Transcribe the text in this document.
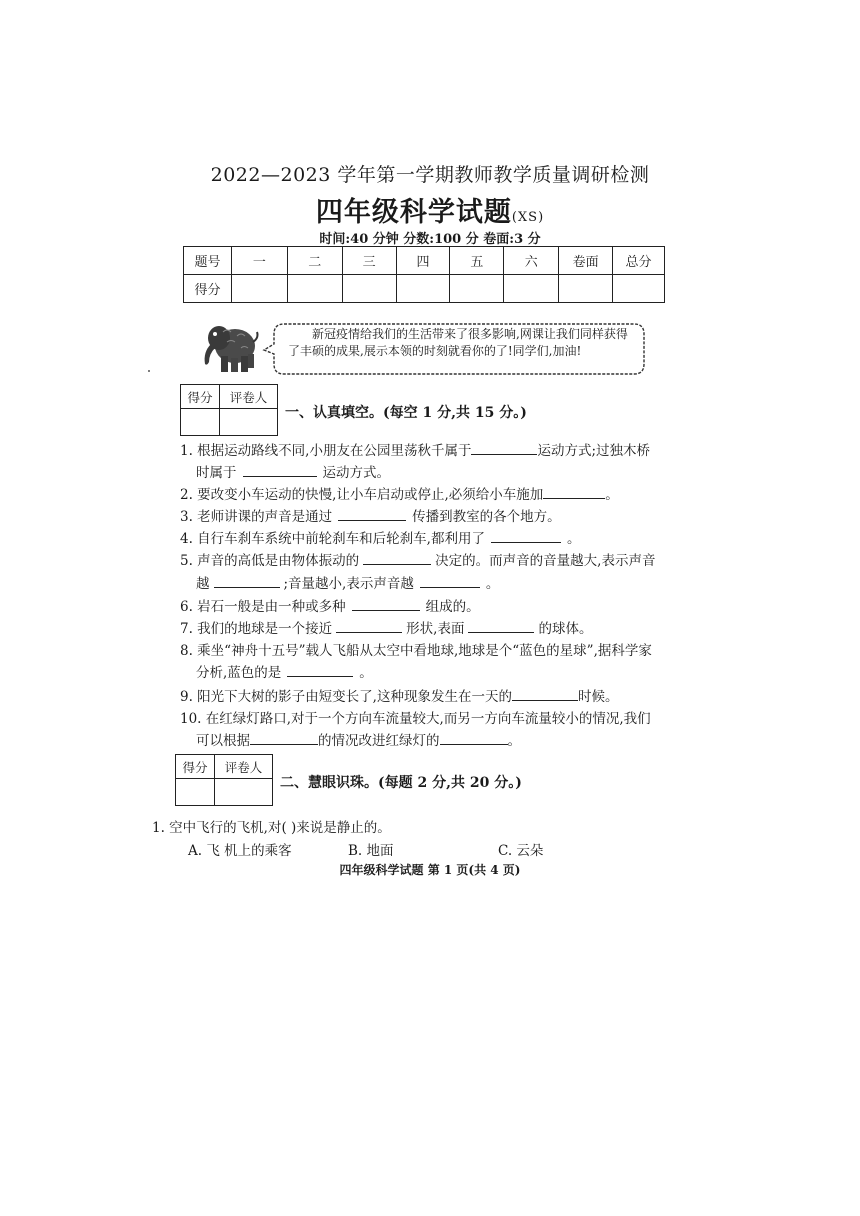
2022—2023 学年第一学期教师教学质量调研检测
四年级科学试题(XS)
时间:40 分钟 分数:100 分 卷面:3 分
题号	一	二	三	四	五	六	卷面	总分
得分								
新冠疫情给我们的生活带来了很多影响,网课让我们同样获得了丰硕的成果,展示本领的时刻就看你的了!同学们,加油!
得分	评卷人

一、认真填空。(每空 1 分,共 15 分。)
1. 根据运动路线不同,小朋友在公园里荡秋千属于	运动方式;过独木桥
时属于	运动方式。
2. 要改变小车运动的快慢,让小车启动或停止,必须给小车施加	。
3. 老师讲课的声音是通过	传播到教室的各个地方。
4. 自行车刹车系统中前轮刹车和后轮刹车,都利用了	。
5. 声音的高低是由物体振动的	决定的。而声音的音量越大,表示声音
越	;音量越小,表示声音越	。
6. 岩石一般是由一种或多种	组成的。
7. 我们的地球是一个接近	形状,表面	的球体。
8. 乘坐“神舟十五号”载人飞船从太空中看地球,地球是个“蓝色的星球”,据科学家
分析,蓝色的是	。
9. 阳光下大树的影子由短变长了,这种现象发生在一天的	时候。
10. 在红绿灯路口,对于一个方向车流量较大,而另一方向车流量较小的情况,我们
可以根据	的情况改进红绿灯的	。
得分	评卷人

二、慧眼识珠。(每题 2 分,共 20 分。)
1. 空中飞行的飞机,对( )来说是静止的。
A. 飞 机上的乘客	B. 地面	C. 云朵
四年级科学试题 第 1 页(共 4 页)
